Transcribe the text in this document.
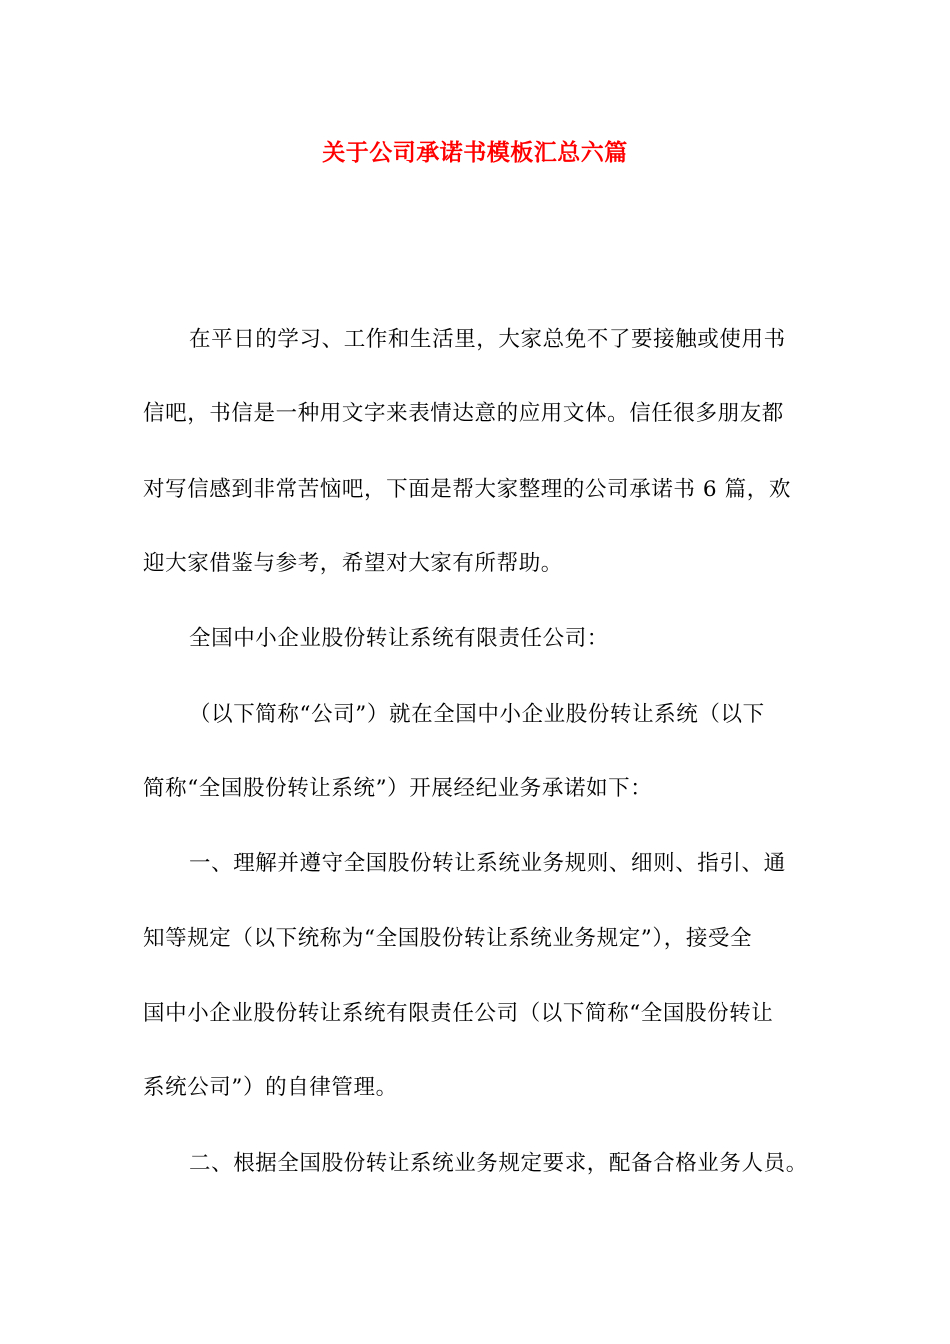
关于公司承诺书模板汇总六篇
在平日的学习、工作和生活里，大家总免不了要接触或使用书
信吧，书信是一种用文字来表情达意的应用文体。信任很多朋友都
对写信感到非常苦恼吧，下面是帮大家整理的公司承诺书 6 篇，欢
迎大家借鉴与参考，希望对大家有所帮助。
全国中小企业股份转让系统有限责任公司：
（以下简称“公司”）就在全国中小企业股份转让系统（以下
简称“全国股份转让系统”）开展经纪业务承诺如下：
一、理解并遵守全国股份转让系统业务规则、细则、指引、通
知等规定（以下统称为“全国股份转让系统业务规定”），接受全
国中小企业股份转让系统有限责任公司（以下简称“全国股份转让
系统公司”）的自律管理。
二、根据全国股份转让系统业务规定要求，配备合格业务人员。
